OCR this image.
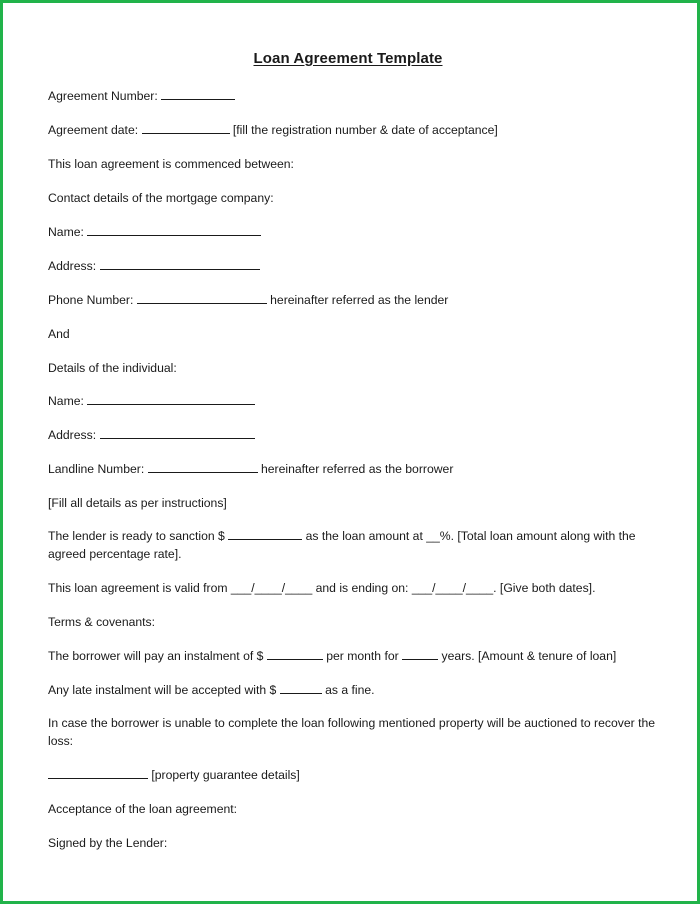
Loan Agreement Template
Agreement Number:
Agreement date:	[fill the registration number & date of acceptance]
This loan agreement is commenced between:
Contact details of the mortgage company:
Name:
Address:
Phone Number:	hereinafter referred as the lender
And
Details of the individual:
Name:
Address:
Landline Number:	hereinafter referred as the borrower
[Fill all details as per instructions]
The lender is ready to sanction $	as the loan amount at __%. [Total loan amount along with the agreed percentage rate].
This loan agreement is valid from ___/____/____ and is ending on: ___/____/____. [Give both dates].
Terms & covenants:
The borrower will pay an instalment of $	per month for	years. [Amount & tenure of loan]
Any late instalment will be accepted with $	as a fine.
In case the borrower is unable to complete the loan following mentioned property will be auctioned to recover the loss:
[property guarantee details]
Acceptance of the loan agreement:
Signed by the Lender:
